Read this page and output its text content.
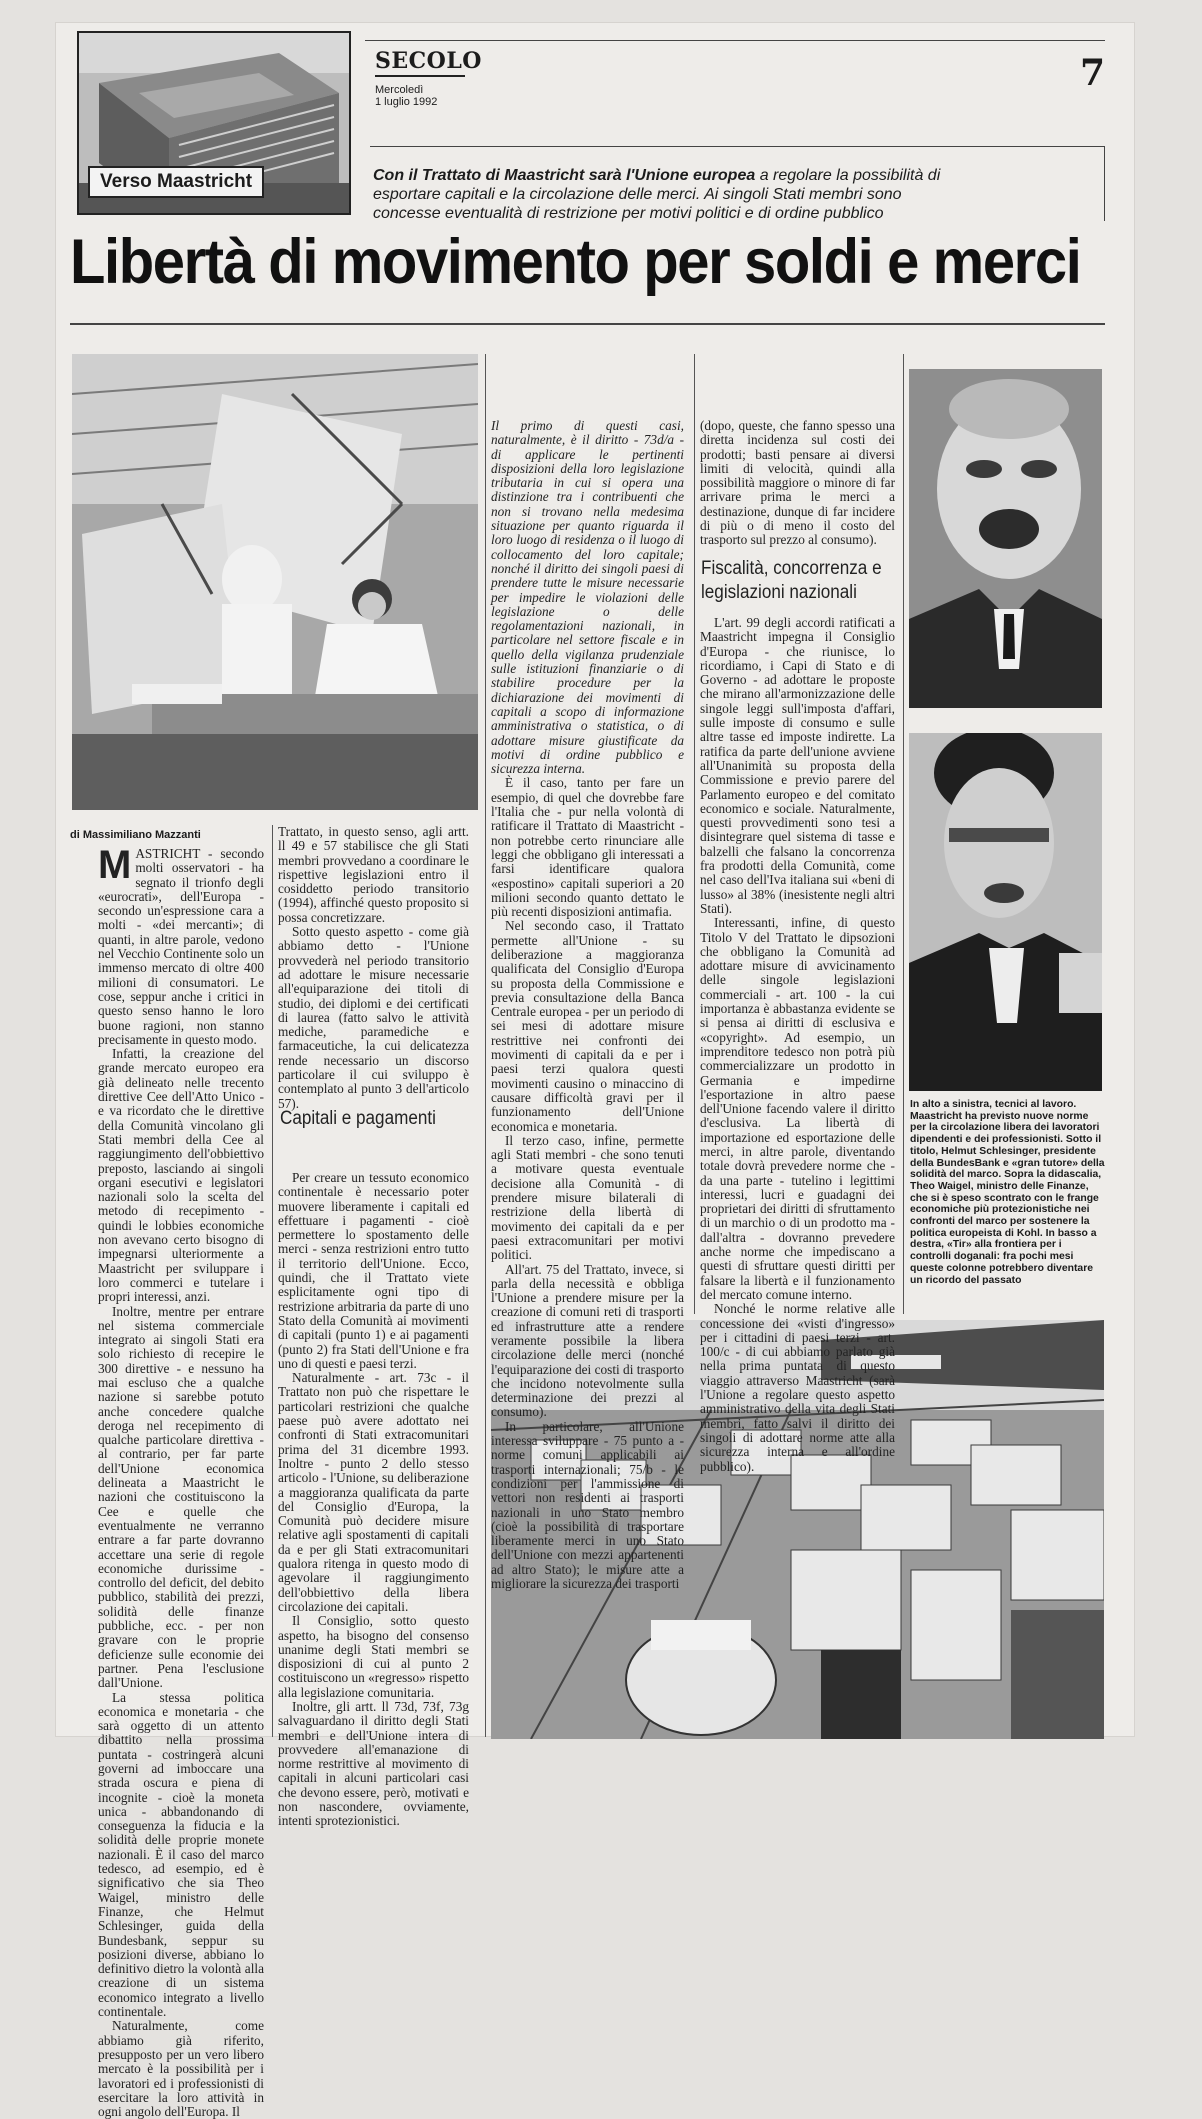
Verso Maastricht
SECOLO
Mercoledì
1 luglio 1992
7
Con il Trattato di Maastricht sarà l'Unione europea a regolare la possibilità di esportare capitali e la circolazione delle merci. Ai singoli Stati membri sono concesse eventualità di restrizione per motivi politici e di ordine pubblico
Libertà di movimento per soldi e merci
di Massimiliano Mazzanti

MASTRICHT - secondo molti osservatori - ha segnato il trionfo degli «eurocrati», dell'Europa - secondo un'espressione cara a molti - «dei mercanti»; di quanti, in altre parole, vedono nel Vecchio Continente solo un immenso mercato di oltre 400 milioni di consumatori. Le cose, seppur anche i critici in questo senso hanno le loro buone ragioni, non stanno precisamente in questo modo.

Infatti, la creazione del grande mercato europeo era già delineato nelle trecento direttive Cee dell'Atto Unico - e va ricordato che le direttive della Comunità vincolano gli Stati membri della Cee al raggiungimento dell'obbiettivo preposto, lasciando ai singoli organi esecutivi e legislatori nazionali solo la scelta del metodo di recepimento - quindi le lobbies economiche non avevano certo bisogno di impegnarsi ulteriormente a Maastricht per sviluppare i loro commerci e tutelare i propri interessi, anzi.

Inoltre, mentre per entrare nel sistema commerciale integrato ai singoli Stati era solo richiesto di recepire le 300 direttive - e nessuno ha mai escluso che a qualche nazione si sarebbe potuto anche concedere qualche deroga nel recepimento di qualche particolare direttiva - al contrario, per far parte dell'Unione economica delineata a Maastricht le nazioni che costituiscono la Cee e quelle che eventualmente ne verranno entrare a far parte dovranno accettare una serie di regole economiche durissime - controllo del deficit, del debito pubblico, stabilità dei prezzi, solidità delle finanze pubbliche, ecc. - per non gravare con le proprie deficienze sulle economie dei partner. Pena l'esclusione dall'Unione.

La stessa politica economica e monetaria - che sarà oggetto di un attento dibattito nella prossima puntata - costringerà alcuni governi ad imboccare una strada oscura e piena di incognite - cioè la moneta unica - abbandonando di conseguenza la fiducia e la solidità delle proprie monete nazionali. È il caso del marco tedesco, ad esempio, ed è significativo che sia Theo Waigel, ministro delle Finanze, che Helmut Schlesinger, guida della Bundesbank, seppur su posizioni diverse, abbiano lo definitivo dietro la volontà alla creazione di un sistema economico integrato a livello continentale.

Naturalmente, come abbiamo già riferito, presupposto per un vero libero mercato è la possibilità per i lavoratori ed i professionisti di esercitare la loro attività in ogni angolo dell'Europa. Il

Trattato, in questo senso, agli artt. ll 49 e 57 stabilisce che gli Stati membri provvedano a coordinare le rispettive legislazioni entro il cosiddetto periodo transitorio (1994), affinché questo proposito si possa concretizzare.

Sotto questo aspetto - come già abbiamo detto - l'Unione provvederà nel periodo transitorio ad adottare le misure necessarie all'equiparazione dei titoli di studio, dei diplomi e dei certificati di laurea (fatto salvo le attività mediche, paramediche e farmaceutiche, la cui delicatezza rende necessario un discorso particolare il cui sviluppo è contemplato al punto 3 dell'articolo 57).

Capitali e pagamenti

Per creare un tessuto economico continentale è necessario poter muovere liberamente i capitali ed effettuare i pagamenti - cioè permettere lo spostamento delle merci - senza restrizioni entro tutto il territorio dell'Unione. Ecco, quindi, che il Trattato viete esplicitamente ogni tipo di restrizione arbitraria da parte di uno Stato della Comunità ai movimenti di capitali (punto 1) e ai pagamenti (punto 2) fra Stati dell'Unione e fra uno di questi e paesi terzi.

Naturalmente - art. 73c - il Trattato non può che rispettare le particolari restrizioni che qualche paese può avere adottato nei confronti di Stati extracomunitari prima del 31 dicembre 1993. Inoltre - punto 2 dello stesso articolo - l'Unione, su deliberazione a maggioranza qualificata da parte del Consiglio d'Europa, la Comunità può decidere misure relative agli spostamenti di capitali da e per gli Stati extracomunitari qualora ritenga in questo modo di agevolare il raggiungimento dell'obbiettivo della libera circolazione dei capitali.

Il Consiglio, sotto questo aspetto, ha bisogno del consenso unanime degli Stati membri se disposizioni di cui al punto 2 costituiscono un «regresso» rispetto alla legislazione comunitaria.

Inoltre, gli artt. ll 73d, 73f, 73g salvaguardano il diritto degli Stati membri e dell'Unione intera di provvedere all'emanazione di norme restrittive al movimento di capitali in alcuni particolari casi che devono essere, però, motivati e non nascondere, ovviamente, intenti sprotezionistici.

Il primo di questi casi, naturalmente, è il diritto - 73d/a - di applicare le pertinenti disposizioni della loro legislazione tributaria in cui si opera una distinzione tra i contribuenti che non si trovano nella medesima situazione per quanto riguarda il loro luogo di residenza o il luogo di collocamento del loro capitale; nonché il diritto dei singoli paesi di prendere tutte le misure necessarie per impedire le violazioni delle legislazione o delle regolamentazioni nazionali, in particolare nel settore fiscale e in quello della vigilanza prudenziale sulle istituzioni finanziarie o di stabilire procedure per la dichiarazione dei movimenti di capitali a scopo di informazione amministrativa o statistica, o di adottare misure giustificate da motivi di ordine pubblico e sicurezza interna.

È il caso, tanto per fare un esempio, di quel che dovrebbe fare l'Italia che - pur nella volontà di ratificare il Trattato di Maastricht - non potrebbe certo rinunciare alle leggi che obbligano gli interessati a farsi identificare qualora «espostino» capitali superiori a 20 milioni secondo quanto dettato le più recenti disposizioni antimafia.

Nel secondo caso, il Trattato permette all'Unione - su deliberazione a maggioranza qualificata del Consiglio d'Europa su proposta della Commissione e previa consultazione della Banca Centrale europea - per un periodo di sei mesi di adottare misure restrittive nei confronti dei movimenti di capitali da e per i paesi terzi qualora questi movimenti causino o minaccino di causare difficoltà gravi per il funzionamento dell'Unione economica e monetaria.

Il terzo caso, infine, permette agli Stati membri - che sono tenuti a motivare questa eventuale decisione alla Comunità - di prendere misure bilaterali di restrizione della libertà di movimento dei capitali da e per paesi extracomunitari per motivi politici.

All'art. 75 del Trattato, invece, si parla della necessità e obbliga l'Unione a prendere misure per la creazione di comuni reti di trasporti ed infrastrutture atte a rendere veramente possibile la libera circolazione delle merci (nonché l'equiparazione dei costi di trasporto che incidono notevolmente sulla determinazione dei prezzi al consumo).

In particolare, all'Unione interessa sviluppare - 75 punto a - norme comuni applicabili ai trasporti internazionali; 75/b - le condizioni per l'ammissione di vettori non residenti ai trasporti nazionali in uno Stato membro (cioè la possibilità di trasportare liberamente merci in uno Stato dell'Unione con mezzi appartenenti ad altro Stato); le misure atte a migliorare la sicurezza dei trasporti

(dopo, queste, che fanno spesso una diretta incidenza sul costi dei prodotti; basti pensare ai diversi limiti di velocità, quindi alla possibilità maggiore o minore di far arrivare prima le merci a destinazione, dunque di far incidere di più o di meno il costo del trasporto sul prezzo al consumo).

Fiscalità, concorrenza e legislazioni nazionali

L'art. 99 degli accordi ratificati a Maastricht impegna il Consiglio d'Europa - che riunisce, lo ricordiamo, i Capi di Stato e di Governo - ad adottare le proposte che mirano all'armonizzazione delle singole leggi sull'imposta d'affari, sulle imposte di consumo e sulle altre tasse ed imposte indirette. La ratifica da parte dell'unione avviene all'Unanimità su proposta della Commissione e previo parere del Parlamento europeo e del comitato economico e sociale. Naturalmente, questi provvedimenti sono tesi a disintegrare quel sistema di tasse e balzelli che falsano la concorrenza fra prodotti della Comunità, come nel caso dell'Iva italiana sui «beni di lusso» al 38% (inesistente negli altri Stati).

Interessanti, infine, di questo Titolo V del Trattato le dipsozioni che obbligano la Comunità ad adottare misure di avvicinamento delle singole legislazioni commerciali - art. 100 - la cui importanza è abbastanza evidente se si pensa ai diritti di esclusiva e «copyright». Ad esempio, un imprenditore tedesco non potrà più commercializzare un prodotto in Germania e impedirne l'esportazione in altro paese dell'Unione facendo valere il diritto d'esclusiva. La libertà di importazione ed esportazione delle merci, in altre parole, diventando totale dovrà prevedere norme che - da una parte - tutelino i legittimi interessi, lucri e guadagni dei proprietari dei diritti di sfruttamento di un marchio o di un prodotto ma - dall'altra - dovranno prevedere anche norme che impediscano a questi di sfruttare questi diritti per falsare la libertà e il funzionamento del mercato comune interno.

Nonché le norme relative alle concessione dei «visti d'ingresso» per i cittadini di paesi terzi - art. 100/c - di cui abbiamo parlato già nella prima puntata di questo viaggio attraverso Maastricht (sarà l'Unione a regolare questo aspetto amministrativo della vita degli Stati membri, fatto salvi il diritto dei singoli di adottare norme atte alla sicurezza interna e all'ordine pubblico).

In alto a sinistra, tecnici al lavoro. Maastricht ha previsto nuove norme per la circolazione libera dei lavoratori dipendenti e dei professionisti. Sotto il titolo, Helmut Schlesinger, presidente della BundesBank e «gran tutore» della solidità del marco. Sopra la didascalia, Theo Waigel, ministro delle Finanze, che si è speso scontrato con le frange economiche più protezionistiche nei confronti del marco per sostenere la politica europeista di Kohl. In basso a destra, «Tir» alla frontiera per i controlli doganali: fra pochi mesi queste colonne potrebbero diventare un ricordo del passato
